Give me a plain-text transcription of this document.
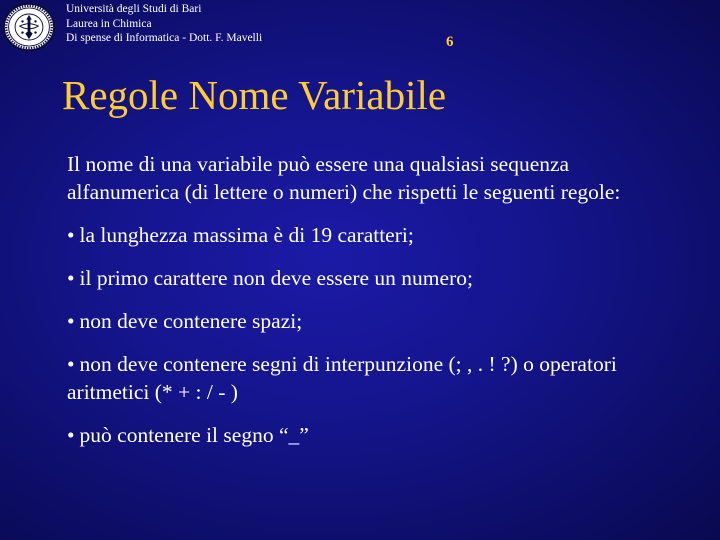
Università degli Studi di Bari
Laurea in Chimica
Di spense di Informatica - Dott. F. Mavelli	6
Regole Nome Variabile

Il nome di una variabile può essere una qualsiasi sequenza alfanumerica (di lettere o numeri) che rispetti le seguenti regole:

• la lunghezza massima è di 19 caratteri;
• il primo carattere non deve essere un numero;
• non deve contenere spazi;
• non deve contenere segni di interpunzione (; , . ! ?) o operatori aritmetici (* + : / - )
• può contenere il segno “_”
